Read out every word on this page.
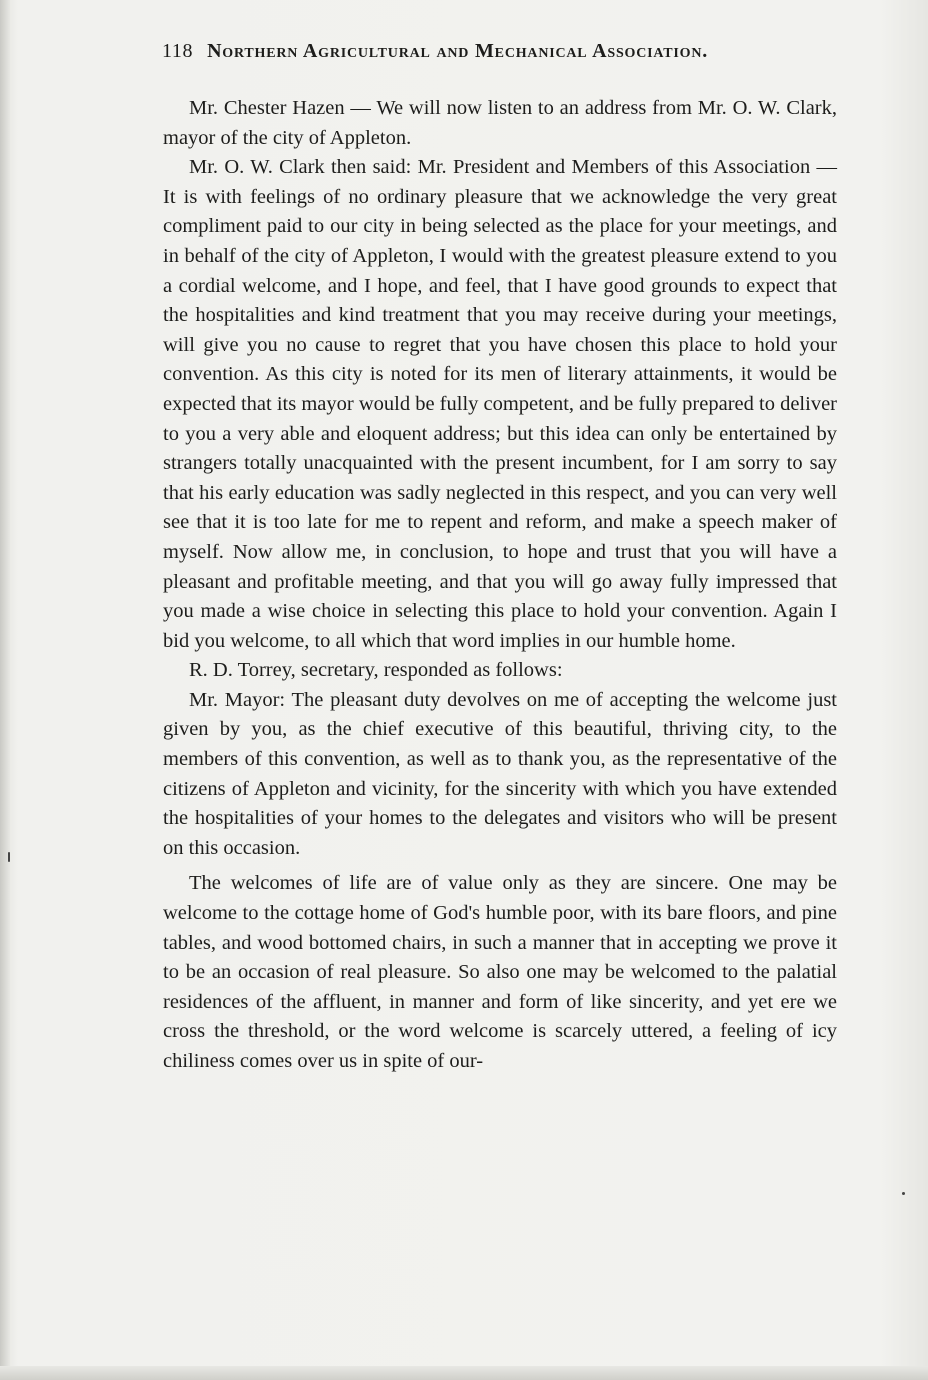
118 Northern Agricultural and Mechanical Association.

Mr. Chester Hazen — We will now listen to an address from Mr. O. W. Clark, mayor of the city of Appleton.

Mr. O. W. Clark then said: Mr. President and Members of this Association — It is with feelings of no ordinary pleasure that we acknowledge the very great compliment paid to our city in being selected as the place for your meetings, and in behalf of the city of Appleton, I would with the greatest pleasure extend to you a cordial welcome, and I hope, and feel, that I have good grounds to expect that the hospitalities and kind treatment that you may receive during your meetings, will give you no cause to regret that you have chosen this place to hold your convention. As this city is noted for its men of literary attainments, it would be expected that its mayor would be fully competent, and be fully prepared to deliver to you a very able and eloquent address; but this idea can only be entertained by strangers totally unacquainted with the present incumbent, for I am sorry to say that his early education was sadly neglected in this respect, and you can very well see that it is too late for me to repent and reform, and make a speech maker of myself. Now allow me, in conclusion, to hope and trust that you will have a pleasant and profitable meeting, and that you will go away fully impressed that you made a wise choice in selecting this place to hold your convention. Again I bid you welcome, to all which that word implies in our humble home.

R. D. Torrey, secretary, responded as follows:

Mr. Mayor: The pleasant duty devolves on me of accepting the welcome just given by you, as the chief executive of this beautiful, thriving city, to the members of this convention, as well as to thank you, as the representative of the citizens of Appleton and vicinity, for the sincerity with which you have extended the hospitalities of your homes to the delegates and visitors who will be present on this occasion.

The welcomes of life are of value only as they are sincere. One may be welcome to the cottage home of God's humble poor, with its bare floors, and pine tables, and wood bottomed chairs, in such a manner that in accepting we prove it to be an occasion of real pleasure. So also one may be welcomed to the palatial residences of the affluent, in manner and form of like sincerity, and yet ere we cross the threshold, or the word welcome is scarcely uttered, a feeling of icy chiliness comes over us in spite of our-
